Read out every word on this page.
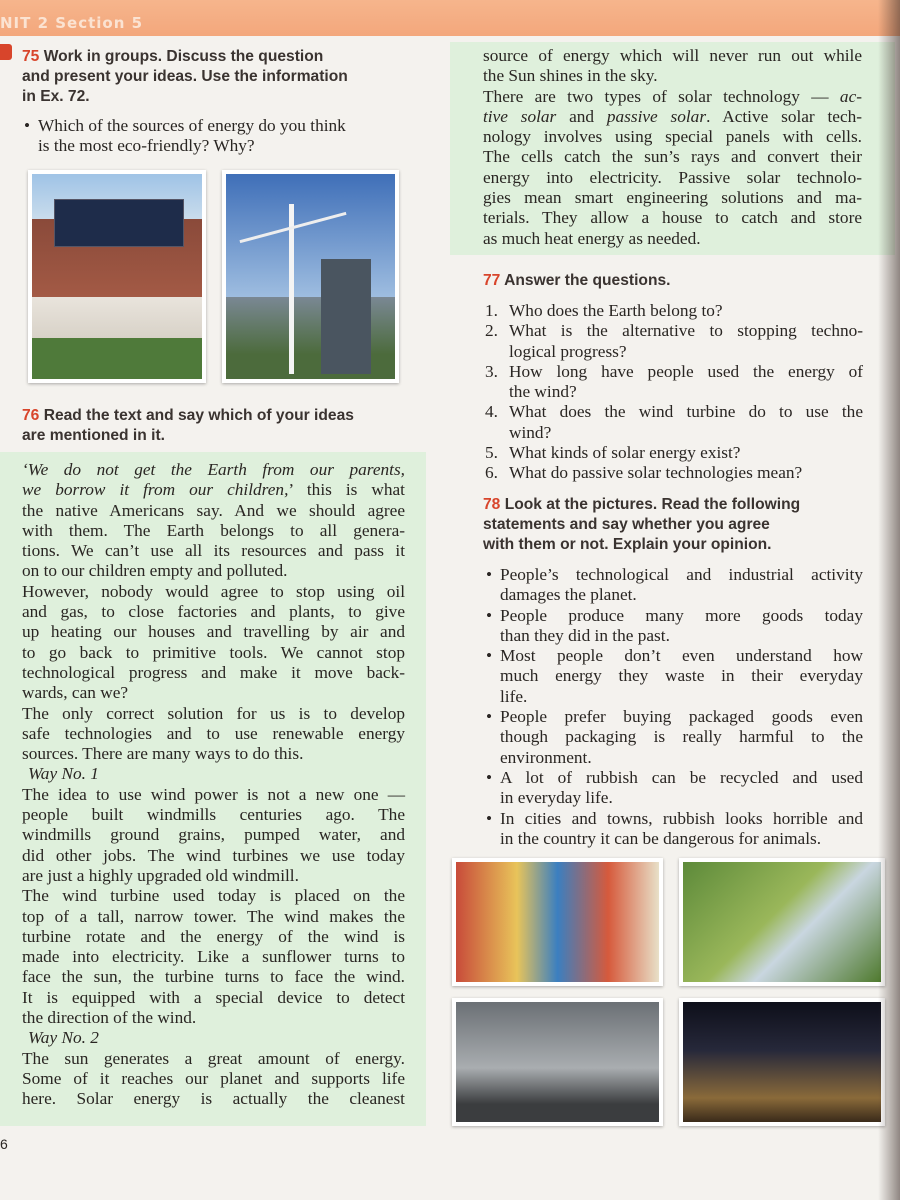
NIT 2 Section 5
75 Work in groups. Discuss the question
and present your ideas. Use the information
in Ex. 72.
• Which of the sources of energy do you think
is the most eco-friendly? Why?
76 Read the text and say which of your ideas
are mentioned in it.
‘We do not get the Earth from our parents,
we borrow it from our children,’ this is what
the native Americans say. And we should agree
with them. The Earth belongs to all genera-
tions. We can’t use all its resources and pass it
on to our children empty and polluted.
However, nobody would agree to stop using oil
and gas, to close factories and plants, to give
up heating our houses and travelling by air and
to go back to primitive tools. We cannot stop
technological progress and make it move back-
wards, can we?
The only correct solution for us is to develop
safe technologies and to use renewable energy
sources. There are many ways to do this.
Way No. 1
The idea to use wind power is not a new one —
people built windmills centuries ago. The
windmills ground grains, pumped water, and
did other jobs. The wind turbines we use today
are just a highly upgraded old windmill.
The wind turbine used today is placed on the
top of a tall, narrow tower. The wind makes the
turbine rotate and the energy of the wind is
made into electricity. Like a sunflower turns to
face the sun, the turbine turns to face the wind.
It is equipped with a special device to detect
the direction of the wind.
Way No. 2
The sun generates a great amount of energy.
Some of it reaches our planet and supports life
here. Solar energy is actually the cleanest
source of energy which will never run out while
the Sun shines in the sky.
There are two types of solar technology — ac-
tive solar and passive solar. Active solar tech-
nology involves using special panels with cells.
The cells catch the sun’s rays and convert their
energy into electricity. Passive solar technolo-
gies mean smart engineering solutions and ma-
terials. They allow a house to catch and store
as much heat energy as needed.
77 Answer the questions.
1. Who does the Earth belong to?
2. What is the alternative to stopping techno-
logical progress?
3. How long have people used the energy of
the wind?
4. What does the wind turbine do to use the
wind?
5. What kinds of solar energy exist?
6. What do passive solar technologies mean?
78 Look at the pictures. Read the following
statements and say whether you agree
with them or not. Explain your opinion.
• People’s technological and industrial activity
damages the planet.
• People produce many more goods today
than they did in the past.
• Most people don’t even understand how
much energy they waste in their everyday
life.
• People prefer buying packaged goods even
though packaging is really harmful to the
environment.
• A lot of rubbish can be recycled and used
in everyday life.
• In cities and towns, rubbish looks horrible and
in the country it can be dangerous for animals.
6
